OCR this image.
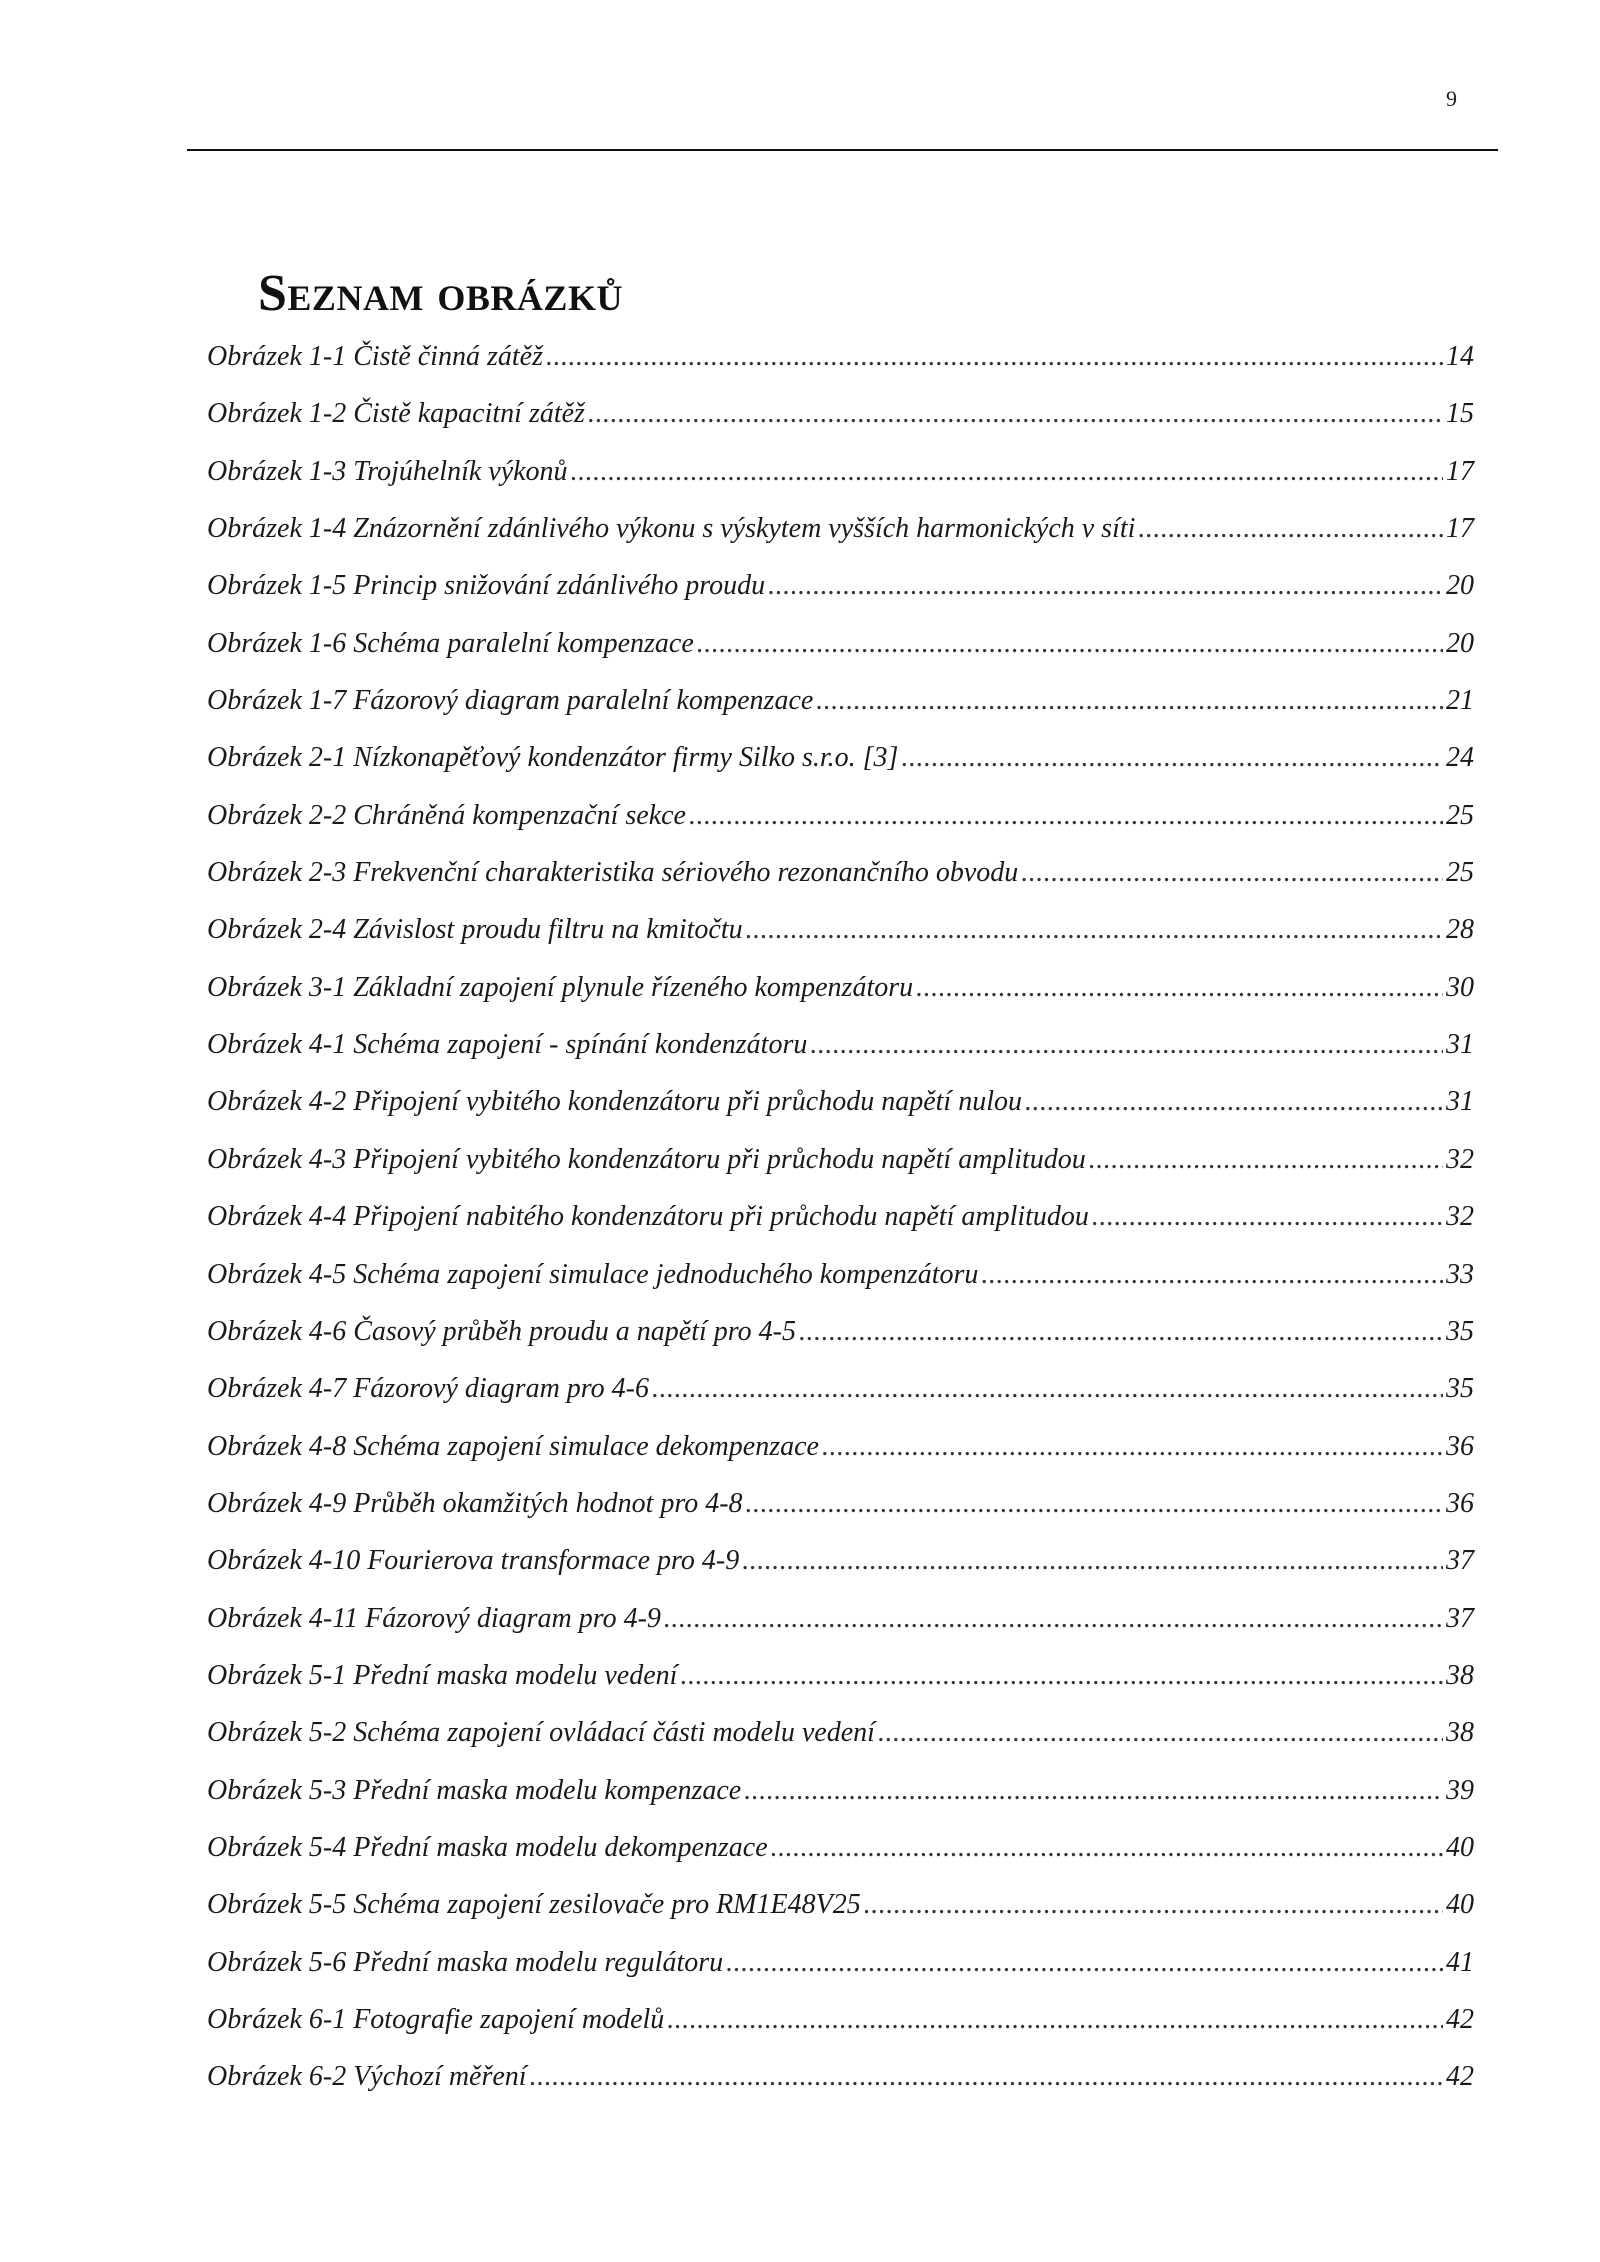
9
Seznam obrázků
Obrázek 1-1 Čistě činná zátěž .....	14
Obrázek 1-2 Čistě kapacitní zátěž .....	15
Obrázek 1-3 Trojúhelník výkonů .....	17
Obrázek 1-4 Znázornění zdánlivého výkonu s výskytem vyšších harmonických v síti .....	17
Obrázek 1-5 Princip snižování zdánlivého proudu .....	20
Obrázek 1-6 Schéma paralelní kompenzace .....	20
Obrázek 1-7 Fázorový diagram paralelní kompenzace .....	21
Obrázek 2-1 Nízkonapěťový kondenzátor firmy Silko s.r.o. [3] .....	24
Obrázek 2-2 Chráněná kompenzační sekce .....	25
Obrázek 2-3 Frekvenční charakteristika sériového rezonančního obvodu .....	25
Obrázek 2-4 Závislost proudu filtru na kmitočtu .....	28
Obrázek 3-1 Základní zapojení plynule řízeného kompenzátoru .....	30
Obrázek 4-1 Schéma zapojení - spínání kondenzátoru .....	31
Obrázek 4-2 Připojení vybitého kondenzátoru při průchodu napětí nulou .....	31
Obrázek 4-3 Připojení vybitého kondenzátoru při průchodu napětí amplitudou .....	32
Obrázek 4-4 Připojení nabitého kondenzátoru při průchodu napětí amplitudou .....	32
Obrázek 4-5 Schéma zapojení simulace jednoduchého kompenzátoru .....	33
Obrázek 4-6 Časový průběh proudu a napětí pro 4-5 .....	35
Obrázek 4-7 Fázorový diagram pro 4-6 .....	35
Obrázek 4-8 Schéma zapojení simulace dekompenzace .....	36
Obrázek 4-9 Průběh okamžitých hodnot pro 4-8 .....	36
Obrázek 4-10 Fourierova transformace pro 4-9 .....	37
Obrázek 4-11 Fázorový diagram pro 4-9 .....	37
Obrázek 5-1 Přední maska modelu vedení .....	38
Obrázek 5-2 Schéma zapojení ovládací části modelu vedení .....	38
Obrázek 5-3 Přední maska modelu kompenzace .....	39
Obrázek 5-4 Přední maska modelu dekompenzace .....	40
Obrázek 5-5 Schéma zapojení zesilovače pro RM1E48V25 .....	40
Obrázek 5-6 Přední maska modelu regulátoru .....	41
Obrázek 6-1 Fotografie zapojení modelů .....	42
Obrázek 6-2 Výchozí měření .....	42
